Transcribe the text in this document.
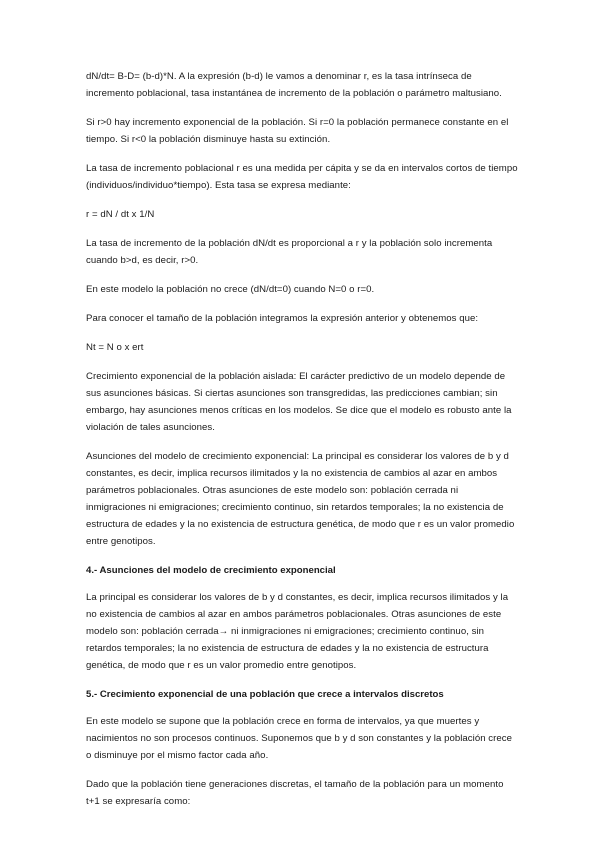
dN/dt= B-D= (b-d)*N. A la expresión (b-d) le vamos a denominar r, es la tasa intrínseca de incremento poblacional, tasa instantánea de incremento de la población o parámetro maltusiano.

Si r>0 hay incremento exponencial de la población. Si r=0 la población permanece constante en el tiempo. Si r<0 la población disminuye hasta su extinción.

La tasa de incremento poblacional r es una medida per cápita y se da en intervalos cortos de tiempo (individuos/individuo*tiempo). Esta tasa se expresa mediante:

r = dN / dt x 1/N

La tasa de incremento de la población dN/dt es proporcional a r y la población solo incrementa cuando b>d, es decir, r>0.

En este modelo la población no crece (dN/dt=0) cuando N=0 o r=0.

Para conocer el tamaño de la población integramos la expresión anterior y obtenemos que:

Nt = N o x ert

Crecimiento exponencial de la población aislada: El carácter predictivo de un modelo depende de sus asunciones básicas. Si ciertas asunciones son transgredidas, las predicciones cambian; sin embargo, hay asunciones menos críticas en los modelos. Se dice que el modelo es robusto ante la violación de tales asunciones.

Asunciones del modelo de crecimiento exponencial: La principal es considerar los valores de b y d constantes, es decir, implica recursos ilimitados y la no existencia de cambios al azar en ambos parámetros poblacionales. Otras asunciones de este modelo son: población cerrada ni inmigraciones ni emigraciones; crecimiento continuo, sin retardos temporales; la no existencia de estructura de edades y la no existencia de estructura genética, de modo que r es un valor promedio entre genotipos.

4.- Asunciones del modelo de crecimiento exponencial

La principal es considerar los valores de b y d constantes, es decir, implica recursos ilimitados y la no existencia de cambios al azar en ambos parámetros poblacionales. Otras asunciones de este modelo son: población cerrada→ ni inmigraciones ni emigraciones; crecimiento continuo, sin retardos temporales; la no existencia de estructura de edades y la no existencia de estructura genética, de modo que r es un valor promedio entre genotipos.

5.- Crecimiento exponencial de una población que crece a intervalos discretos

En este modelo se supone que la población crece en forma de intervalos, ya que muertes y nacimientos no son procesos continuos. Suponemos que b y d son constantes y la población crece o disminuye por el mismo factor cada año.

Dado que la población tiene generaciones discretas, el tamaño de la población para un momento t+1 se expresaría como:
